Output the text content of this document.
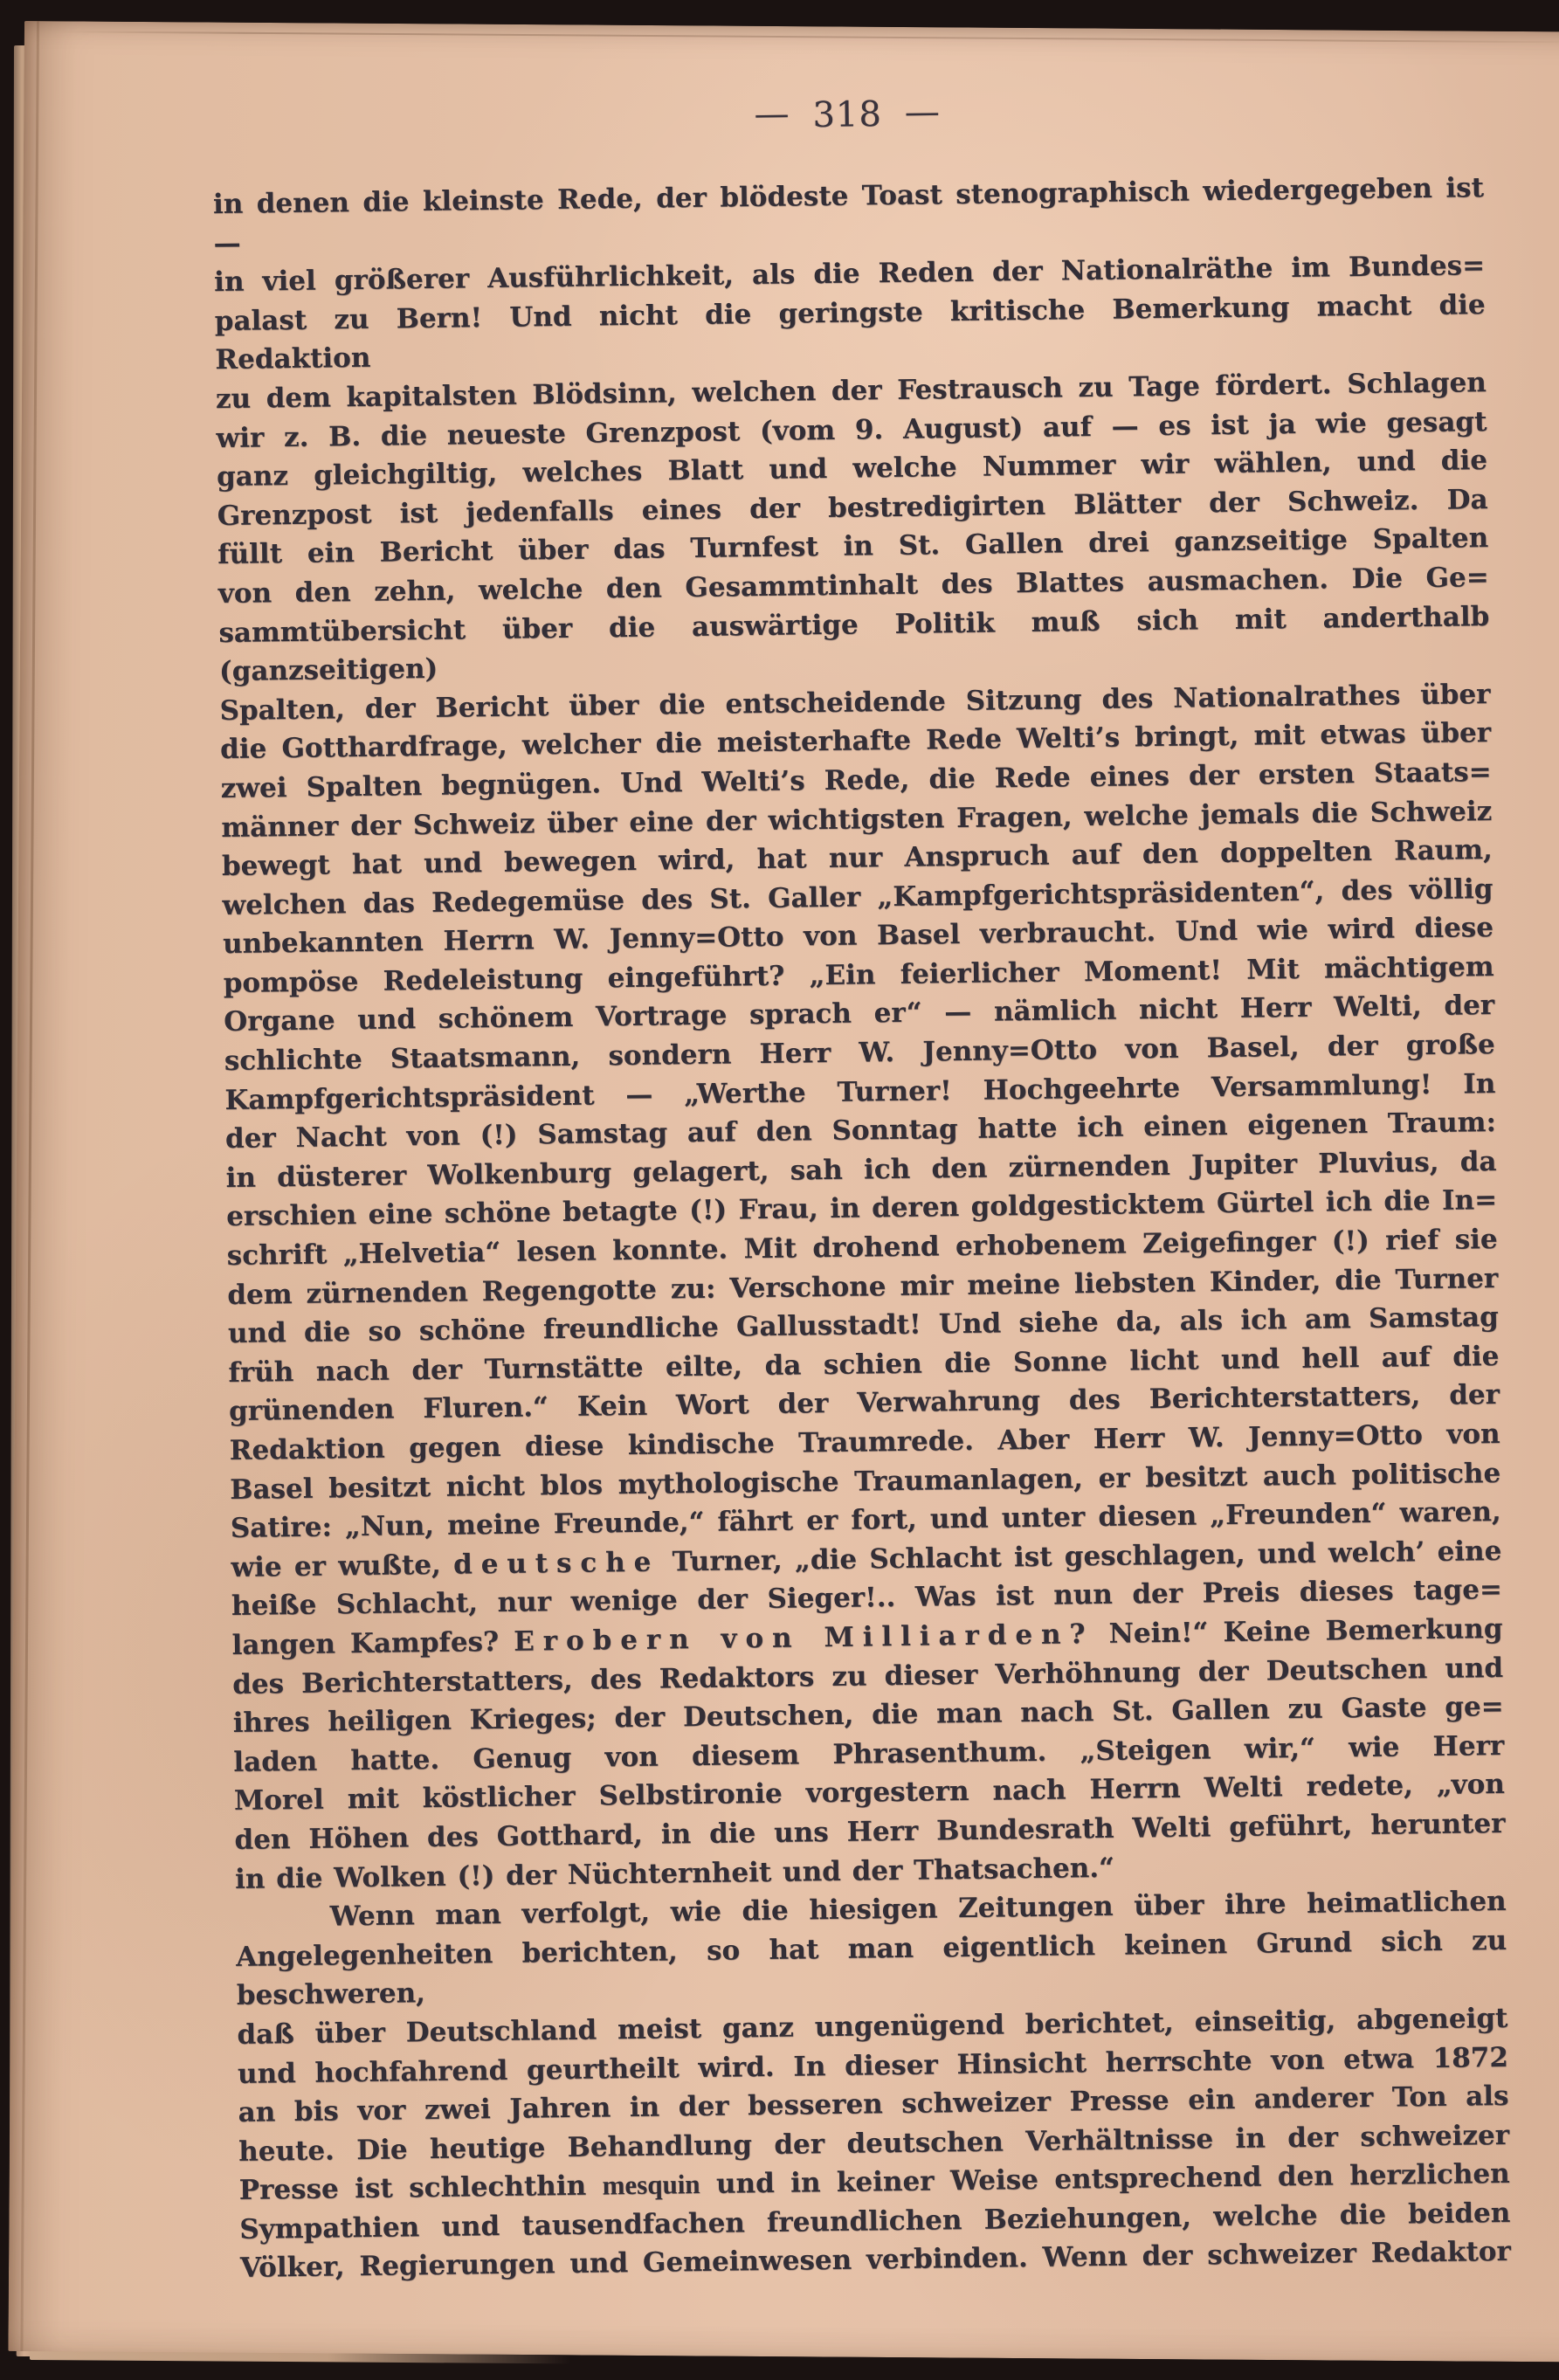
— 318 —
in denen die kleinste Rede, der blödeste Toast stenographisch wiedergegeben ist —
in viel größerer Ausführlichkeit, als die Reden der Nationalräthe im Bundes=
palast zu Bern! Und nicht die geringste kritische Bemerkung macht die Redaktion
zu dem kapitalsten Blödsinn, welchen der Festrausch zu Tage fördert. Schlagen
wir z. B. die neueste Grenzpost (vom 9. August) auf — es ist ja wie gesagt
ganz gleichgiltig, welches Blatt und welche Nummer wir wählen, und die
Grenzpost ist jedenfalls eines der bestredigirten Blätter der Schweiz. Da
füllt ein Bericht über das Turnfest in St. Gallen drei ganzseitige Spalten
von den zehn, welche den Gesammtinhalt des Blattes ausmachen. Die Ge=
sammtübersicht über die auswärtige Politik muß sich mit anderthalb (ganzseitigen)
Spalten, der Bericht über die entscheidende Sitzung des Nationalrathes über
die Gotthardfrage, welcher die meisterhafte Rede Welti’s bringt, mit etwas über
zwei Spalten begnügen. Und Welti’s Rede, die Rede eines der ersten Staats=
männer der Schweiz über eine der wichtigsten Fragen, welche jemals die Schweiz
bewegt hat und bewegen wird, hat nur Anspruch auf den doppelten Raum,
welchen das Redegemüse des St. Galler „Kampfgerichtspräsidenten“, des völlig
unbekannten Herrn W. Jenny=Otto von Basel verbraucht. Und wie wird diese
pompöse Redeleistung eingeführt? „Ein feierlicher Moment! Mit mächtigem
Organe und schönem Vortrage sprach er“ — nämlich nicht Herr Welti, der
schlichte Staatsmann, sondern Herr W. Jenny=Otto von Basel, der große
Kampfgerichtspräsident — „Werthe Turner! Hochgeehrte Versammlung! In
der Nacht von (!) Samstag auf den Sonntag hatte ich einen eigenen Traum:
in düsterer Wolkenburg gelagert, sah ich den zürnenden Jupiter Pluvius, da
erschien eine schöne betagte (!) Frau, in deren goldgesticktem Gürtel ich die In=
schrift „Helvetia“ lesen konnte. Mit drohend erhobenem Zeigefinger (!) rief sie
dem zürnenden Regengotte zu: Verschone mir meine liebsten Kinder, die Turner
und die so schöne freundliche Gallusstadt! Und siehe da, als ich am Samstag
früh nach der Turnstätte eilte, da schien die Sonne licht und hell auf die
grünenden Fluren.“ Kein Wort der Verwahrung des Berichterstatters, der
Redaktion gegen diese kindische Traumrede. Aber Herr W. Jenny=Otto von
Basel besitzt nicht blos mythologische Traumanlagen, er besitzt auch politische
Satire: „Nun, meine Freunde,“ fährt er fort, und unter diesen „Freunden“ waren,
wie er wußte, deutsche Turner, „die Schlacht ist geschlagen, und welch’ eine
heiße Schlacht, nur wenige der Sieger!.. Was ist nun der Preis dieses tage=
langen Kampfes? Erobern von Milliarden? Nein!“ Keine Bemerkung
des Berichterstatters, des Redaktors zu dieser Verhöhnung der Deutschen und
ihres heiligen Krieges; der Deutschen, die man nach St. Gallen zu Gaste ge=
laden hatte. Genug von diesem Phrasenthum. „Steigen wir,“ wie Herr
Morel mit köstlicher Selbstironie vorgestern nach Herrn Welti redete, „von
den Höhen des Gotthard, in die uns Herr Bundesrath Welti geführt, herunter
in die Wolken (!) der Nüchternheit und der Thatsachen.“
Wenn man verfolgt, wie die hiesigen Zeitungen über ihre heimatlichen
Angelegenheiten berichten, so hat man eigentlich keinen Grund sich zu beschweren,
daß über Deutschland meist ganz ungenügend berichtet, einseitig, abgeneigt
und hochfahrend geurtheilt wird. In dieser Hinsicht herrschte von etwa 1872
an bis vor zwei Jahren in der besseren schweizer Presse ein anderer Ton als
heute. Die heutige Behandlung der deutschen Verhältnisse in der schweizer
Presse ist schlechthin mesquin und in keiner Weise entsprechend den herzlichen
Sympathien und tausendfachen freundlichen Beziehungen, welche die beiden
Völker, Regierungen und Gemeinwesen verbinden. Wenn der schweizer Redaktor
